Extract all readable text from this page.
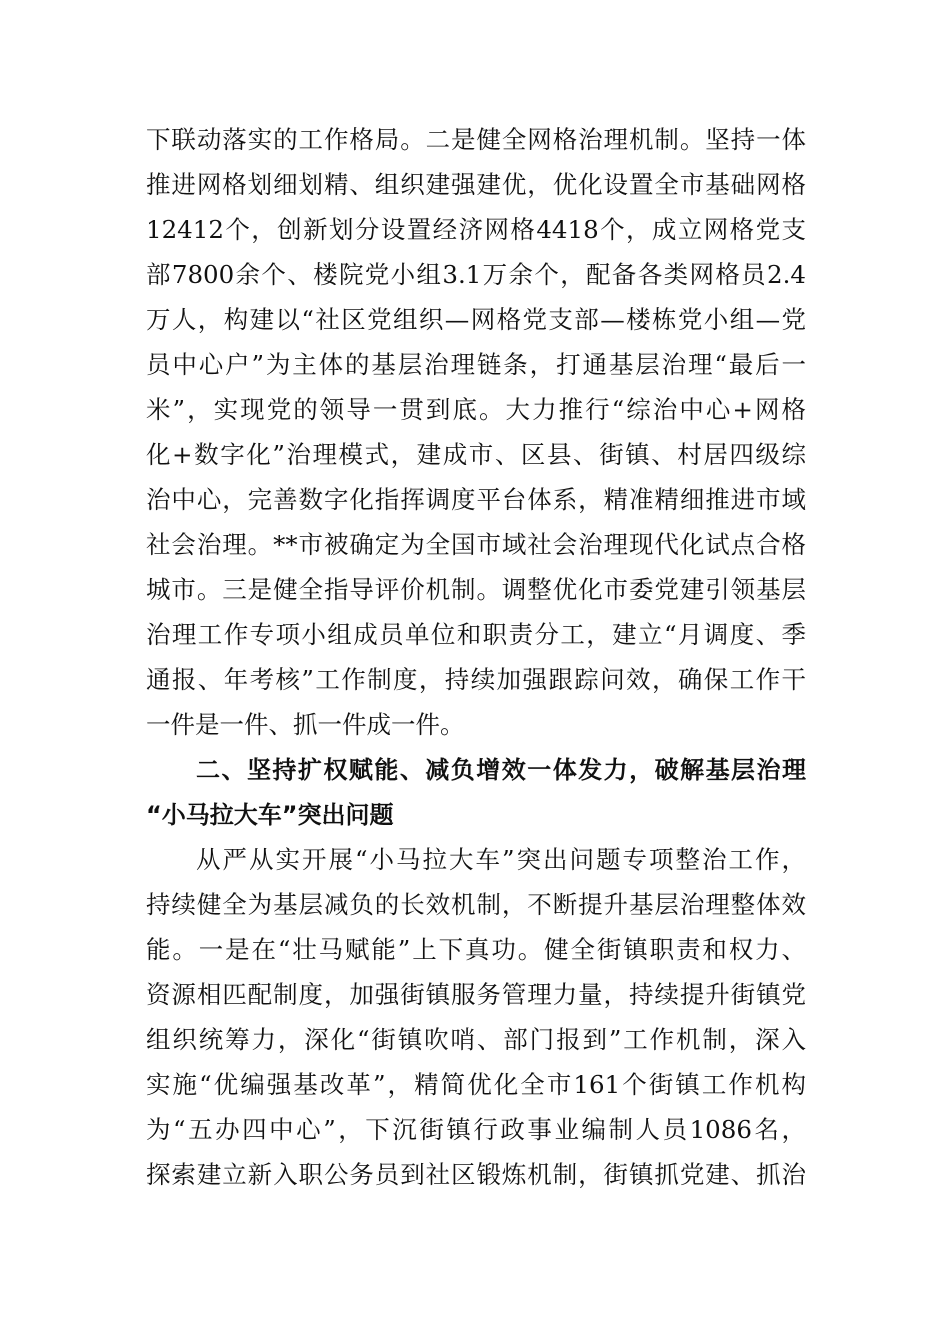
下联动落实的工作格局。二是健全网格治理机制。坚持一体
推进网格划细划精、组织建强建优，优化设置全市基础网格
12412个，创新划分设置经济网格4418个，成立网格党支
部7800余个、楼院党小组3.1万余个，配备各类网格员2.4
万人，构建以“社区党组织—网格党支部—楼栋党小组—党
员中心户”为主体的基层治理链条，打通基层治理“最后一
米”，实现党的领导一贯到底。大力推行“综治中心+网格
化+数字化”治理模式，建成市、区县、街镇、村居四级综
治中心，完善数字化指挥调度平台体系，精准精细推进市域
社会治理。**市被确定为全国市域社会治理现代化试点合格
城市。三是健全指导评价机制。调整优化市委党建引领基层
治理工作专项小组成员单位和职责分工，建立“月调度、季
通报、年考核”工作制度，持续加强跟踪问效，确保工作干
一件是一件、抓一件成一件。
二、坚持扩权赋能、减负增效一体发力，破解基层治理
“小马拉大车”突出问题
从严从实开展“小马拉大车”突出问题专项整治工作，
持续健全为基层减负的长效机制，不断提升基层治理整体效
能。一是在“壮马赋能”上下真功。健全街镇职责和权力、
资源相匹配制度，加强街镇服务管理力量，持续提升街镇党
组织统筹力，深化“街镇吹哨、部门报到”工作机制，深入
实施“优编强基改革”，精简优化全市161个街镇工作机构
为“五办四中心”，下沉街镇行政事业编制人员1086名，
探索建立新入职公务员到社区锻炼机制，街镇抓党建、抓治
